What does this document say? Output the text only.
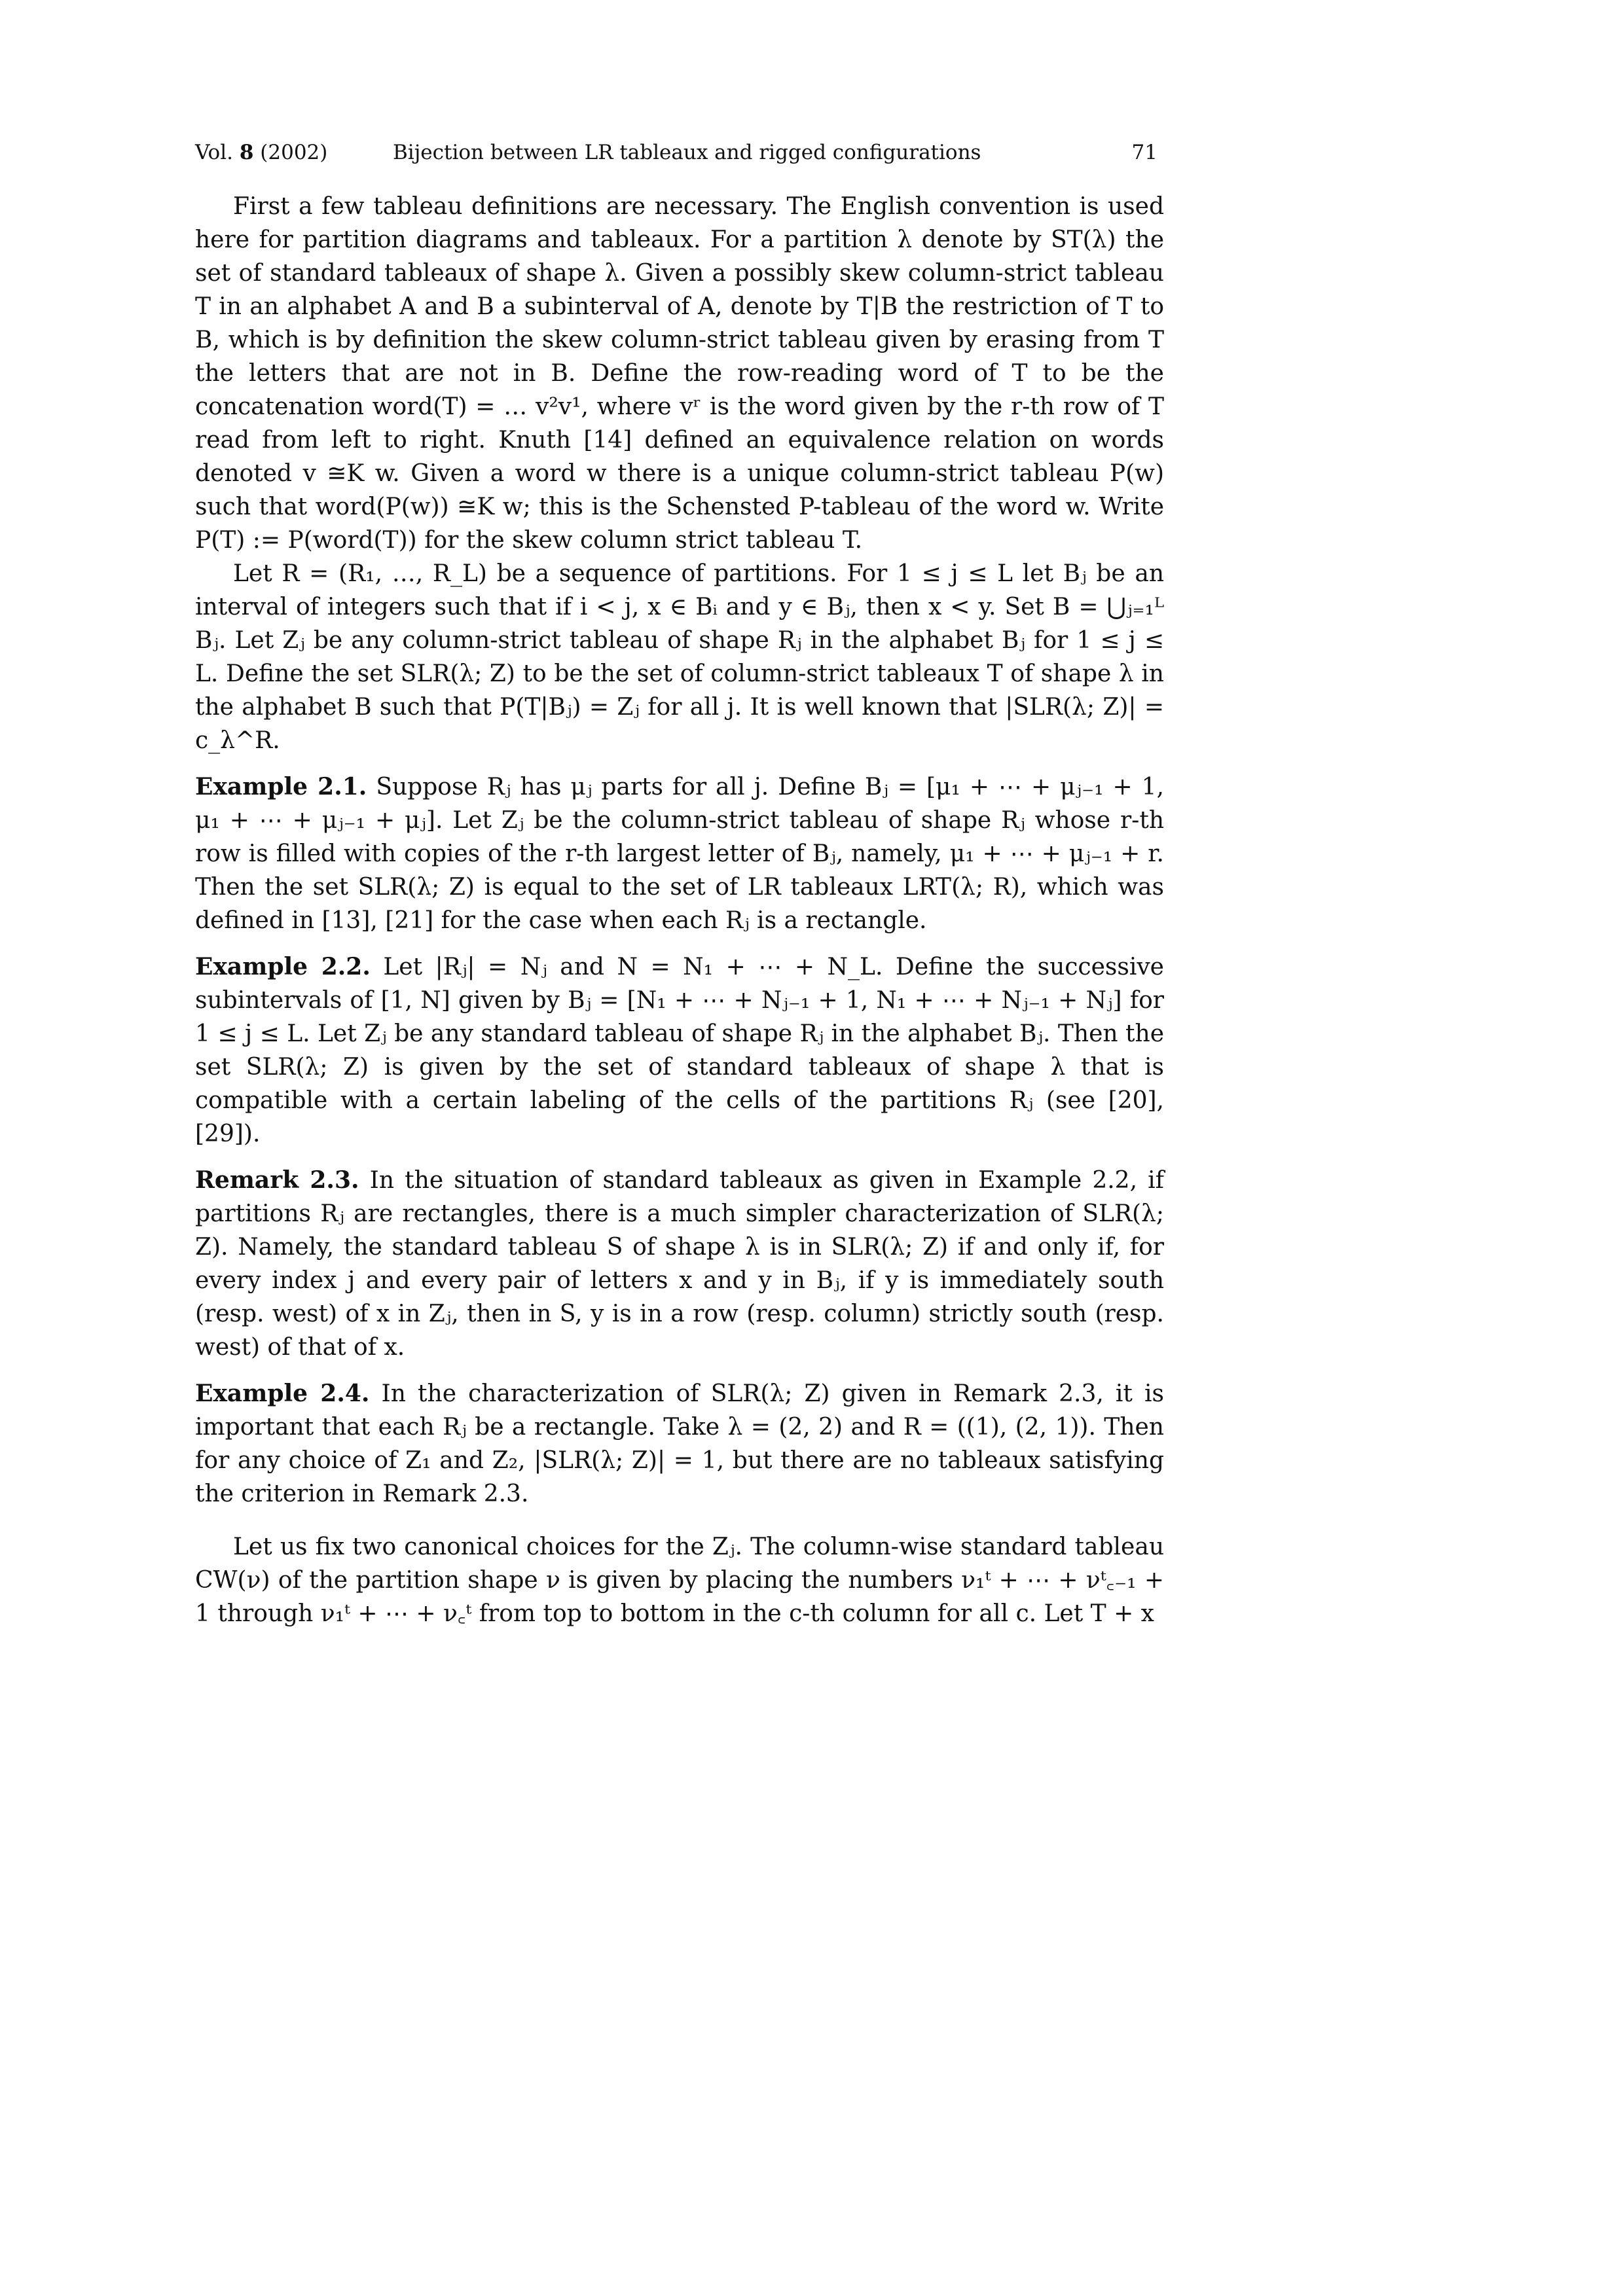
Vol. 8 (2002)	Bijection between LR tableaux and rigged configurations	71

First a few tableau definitions are necessary. The English convention is used here for partition diagrams and tableaux. For a partition λ denote by ST(λ) the set of standard tableaux of shape λ. Given a possibly skew column-strict tableau T in an alphabet A and B a subinterval of A, denote by T|B the restriction of T to B, which is by definition the skew column-strict tableau given by erasing from T the letters that are not in B. Define the row-reading word of T to be the concatenation word(T) = … v²v¹, where vʳ is the word given by the r-th row of T read from left to right. Knuth [14] defined an equivalence relation on words denoted v ≅K w. Given a word w there is a unique column-strict tableau P(w) such that word(P(w)) ≅K w; this is the Schensted P-tableau of the word w. Write P(T) := P(word(T)) for the skew column strict tableau T.

Let R = (R₁, …, R_L) be a sequence of partitions. For 1 ≤ j ≤ L let Bⱼ be an interval of integers such that if i < j, x ∈ Bᵢ and y ∈ Bⱼ, then x < y. Set B = ⋃ⱼ₌₁ᴸ Bⱼ. Let Zⱼ be any column-strict tableau of shape Rⱼ in the alphabet Bⱼ for 1 ≤ j ≤ L. Define the set SLR(λ; Z) to be the set of column-strict tableaux T of shape λ in the alphabet B such that P(T|Bⱼ) = Zⱼ for all j. It is well known that |SLR(λ; Z)| = c_λ^R.

Example 2.1. Suppose Rⱼ has μⱼ parts for all j. Define Bⱼ = [μ₁ + ⋯ + μⱼ₋₁ + 1, μ₁ + ⋯ + μⱼ₋₁ + μⱼ]. Let Zⱼ be the column-strict tableau of shape Rⱼ whose r-th row is filled with copies of the r-th largest letter of Bⱼ, namely, μ₁ + ⋯ + μⱼ₋₁ + r. Then the set SLR(λ; Z) is equal to the set of LR tableaux LRT(λ; R), which was defined in [13], [21] for the case when each Rⱼ is a rectangle.

Example 2.2. Let |Rⱼ| = Nⱼ and N = N₁ + ⋯ + N_L. Define the successive subintervals of [1, N] given by Bⱼ = [N₁ + ⋯ + Nⱼ₋₁ + 1, N₁ + ⋯ + Nⱼ₋₁ + Nⱼ] for 1 ≤ j ≤ L. Let Zⱼ be any standard tableau of shape Rⱼ in the alphabet Bⱼ. Then the set SLR(λ; Z) is given by the set of standard tableaux of shape λ that is compatible with a certain labeling of the cells of the partitions Rⱼ (see [20], [29]).

Remark 2.3. In the situation of standard tableaux as given in Example 2.2, if partitions Rⱼ are rectangles, there is a much simpler characterization of SLR(λ; Z). Namely, the standard tableau S of shape λ is in SLR(λ; Z) if and only if, for every index j and every pair of letters x and y in Bⱼ, if y is immediately south (resp. west) of x in Zⱼ, then in S, y is in a row (resp. column) strictly south (resp. west) of that of x.

Example 2.4. In the characterization of SLR(λ; Z) given in Remark 2.3, it is important that each Rⱼ be a rectangle. Take λ = (2, 2) and R = ((1), (2, 1)). Then for any choice of Z₁ and Z₂, |SLR(λ; Z)| = 1, but there are no tableaux satisfying the criterion in Remark 2.3.

Let us fix two canonical choices for the Zⱼ. The column-wise standard tableau CW(ν) of the partition shape ν is given by placing the numbers ν₁ᵗ + ⋯ + νᵗ꜀₋₁ + 1 through ν₁ᵗ + ⋯ + ν꜀ᵗ from top to bottom in the c-th column for all c. Let T + x
